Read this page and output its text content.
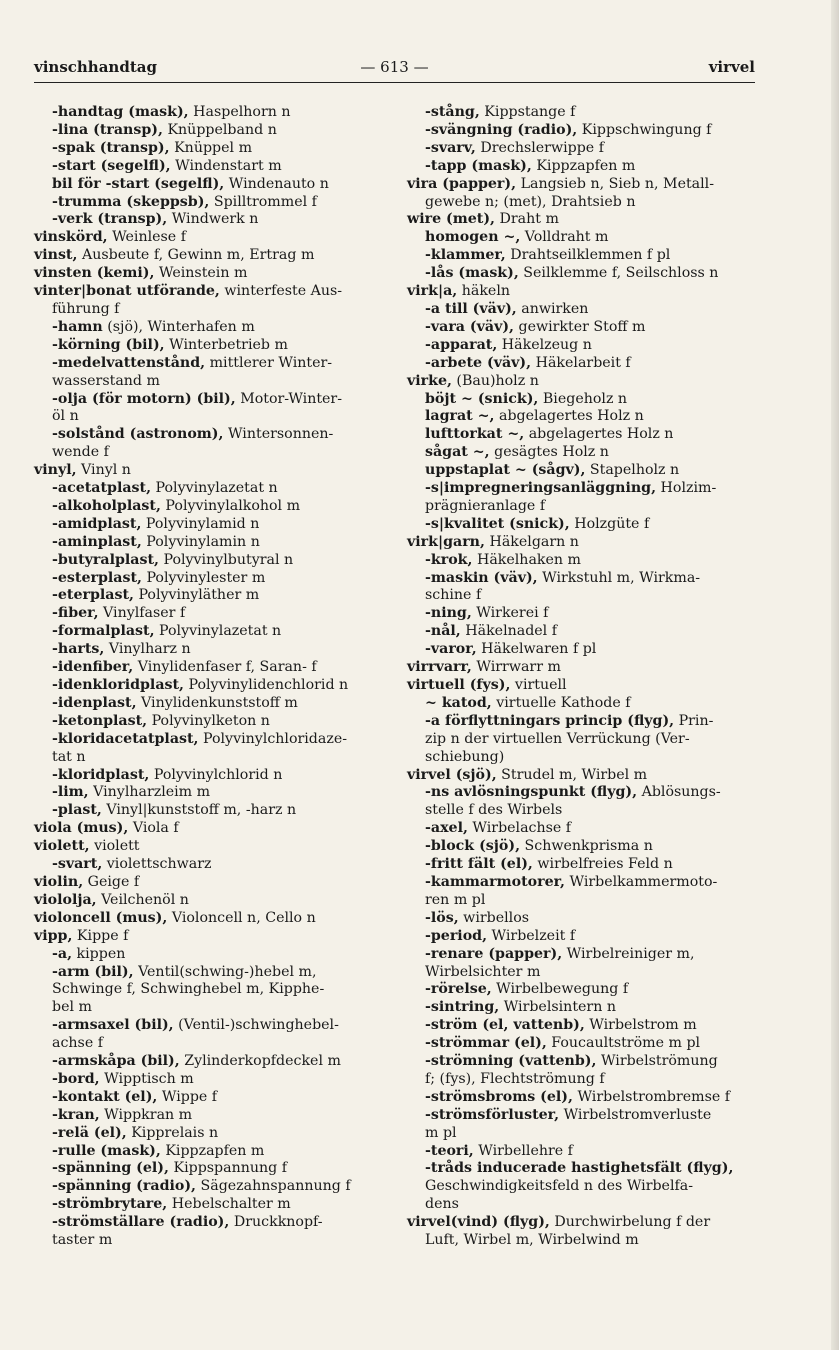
vinschhandtag	— 613 —	virvel
-handtag (mask), Haspelhorn n
-lina (transp), Knüppelband n
-spak (transp), Knüppel m
-start (segelfl), Windenstart m
bil för -start (segelfl), Windenauto n
-trumma (skeppsb), Spilltrommel f
-verk (transp), Windwerk n
vinskörd, Weinlese f
vinst, Ausbeute f, Gewinn m, Ertrag m
vinsten (kemi), Weinstein m
vinter|bonat utförande, winterfeste Aus-
führung f
-hamn (sjö), Winterhafen m
-körning (bil), Winterbetrieb m
-medelvattenstånd, mittlerer Winter-
wasserstand m
-olja (för motorn) (bil), Motor-Winter-
öl n
-solstånd (astronom), Wintersonnen-
wende f
vinyl, Vinyl n
-acetatplast, Polyvinylazetat n
-alkoholplast, Polyvinylalkohol m
-amidplast, Polyvinylamid n
-aminplast, Polyvinylamin n
-butyralplast, Polyvinylbutyral n
-esterplast, Polyvinylester m
-eterplast, Polyvinyläther m
-fiber, Vinylfaser f
-formalplast, Polyvinylazetat n
-harts, Vinylharz n
-idenfiber, Vinylidenfaser f, Saran- f
-idenkloridplast, Polyvinylidenchlorid n
-idenplast, Vinylidenkunststoff m
-ketonplast, Polyvinylketon n
-kloridacetatplast, Polyvinylchloridaze-
tat n
-kloridplast, Polyvinylchlorid n
-lim, Vinylharzleim m
-plast, Vinyl|kunststoff m, -harz n
viola (mus), Viola f
violett, violett
-svart, violettschwarz
violin, Geige f
viololja, Veilchenöl n
violoncell (mus), Violoncell n, Cello n
vipp, Kippe f
-a, kippen
-arm (bil), Ventil(schwing-)hebel m,
Schwinge f, Schwinghebel m, Kipphe-
bel m
-armsaxel (bil), (Ventil-)schwinghebel-
achse f
-armskåpa (bil), Zylinderkopfdeckel m
-bord, Wipptisch m
-kontakt (el), Wippe f
-kran, Wippkran m
-relä (el), Kipprelais n
-rulle (mask), Kippzapfen m
-spänning (el), Kippspannung f
-spänning (radio), Sägezahnspannung f
-strömbrytare, Hebelschalter m
-strömställare (radio), Druckknopf-
taster m
-stång, Kippstange f
-svängning (radio), Kippschwingung f
-svarv, Drechslerwippe f
-tapp (mask), Kippzapfen m
vira (papper), Langsieb n, Sieb n, Metall-
gewebe n; (met), Drahtsieb n
wire (met), Draht m
homogen ~, Volldraht m
-klammer, Drahtseilklemmen f pl
-lås (mask), Seilklemme f, Seilschloss n
virk|a, häkeln
-a till (väv), anwirken
-vara (väv), gewirkter Stoff m
-apparat, Häkelzeug n
-arbete (väv), Häkelarbeit f
virke, (Bau)holz n
böjt ~ (snick), Biegeholz n
lagrat ~, abgelagertes Holz n
lufttorkat ~, abgelagertes Holz n
sågat ~, gesägtes Holz n
uppstaplat ~ (sågv), Stapelholz n
-s|impregneringsanläggning, Holzim-
prägnieranlage f
-s|kvalitet (snick), Holzgüte f
virk|garn, Häkelgarn n
-krok, Häkelhaken m
-maskin (väv), Wirkstuhl m, Wirkma-
schine f
-ning, Wirkerei f
-nål, Häkelnadel f
-varor, Häkelwaren f pl
virrvarr, Wirrwarr m
virtuell (fys), virtuell
~ katod, virtuelle Kathode f
-a förflyttningars princip (flyg), Prin-
zip n der virtuellen Verrückung (Ver-
schiebung)
virvel (sjö), Strudel m, Wirbel m
-ns avlösningspunkt (flyg), Ablösungs-
stelle f des Wirbels
-axel, Wirbelachse f
-block (sjö), Schwenkprisma n
-fritt fält (el), wirbelfreies Feld n
-kammarmotorer, Wirbelkammermoto-
ren m pl
-lös, wirbellos
-period, Wirbelzeit f
-renare (papper), Wirbelreiniger m,
Wirbelsichter m
-rörelse, Wirbelbewegung f
-sintring, Wirbelsintern n
-ström (el, vattenb), Wirbelstrom m
-strömmar (el), Foucaultströme m pl
-strömning (vattenb), Wirbelströmung
f; (fys), Flechtströmung f
-strömsbroms (el), Wirbelstrombremse f
-strömsförluster, Wirbelstromverluste
m pl
-teori, Wirbellehre f
-tråds inducerade hastighetsfält (flyg),
Geschwindigkeitsfeld n des Wirbelfa-
dens
virvel(vind) (flyg), Durchwirbelung f der
Luft, Wirbel m, Wirbelwind m
